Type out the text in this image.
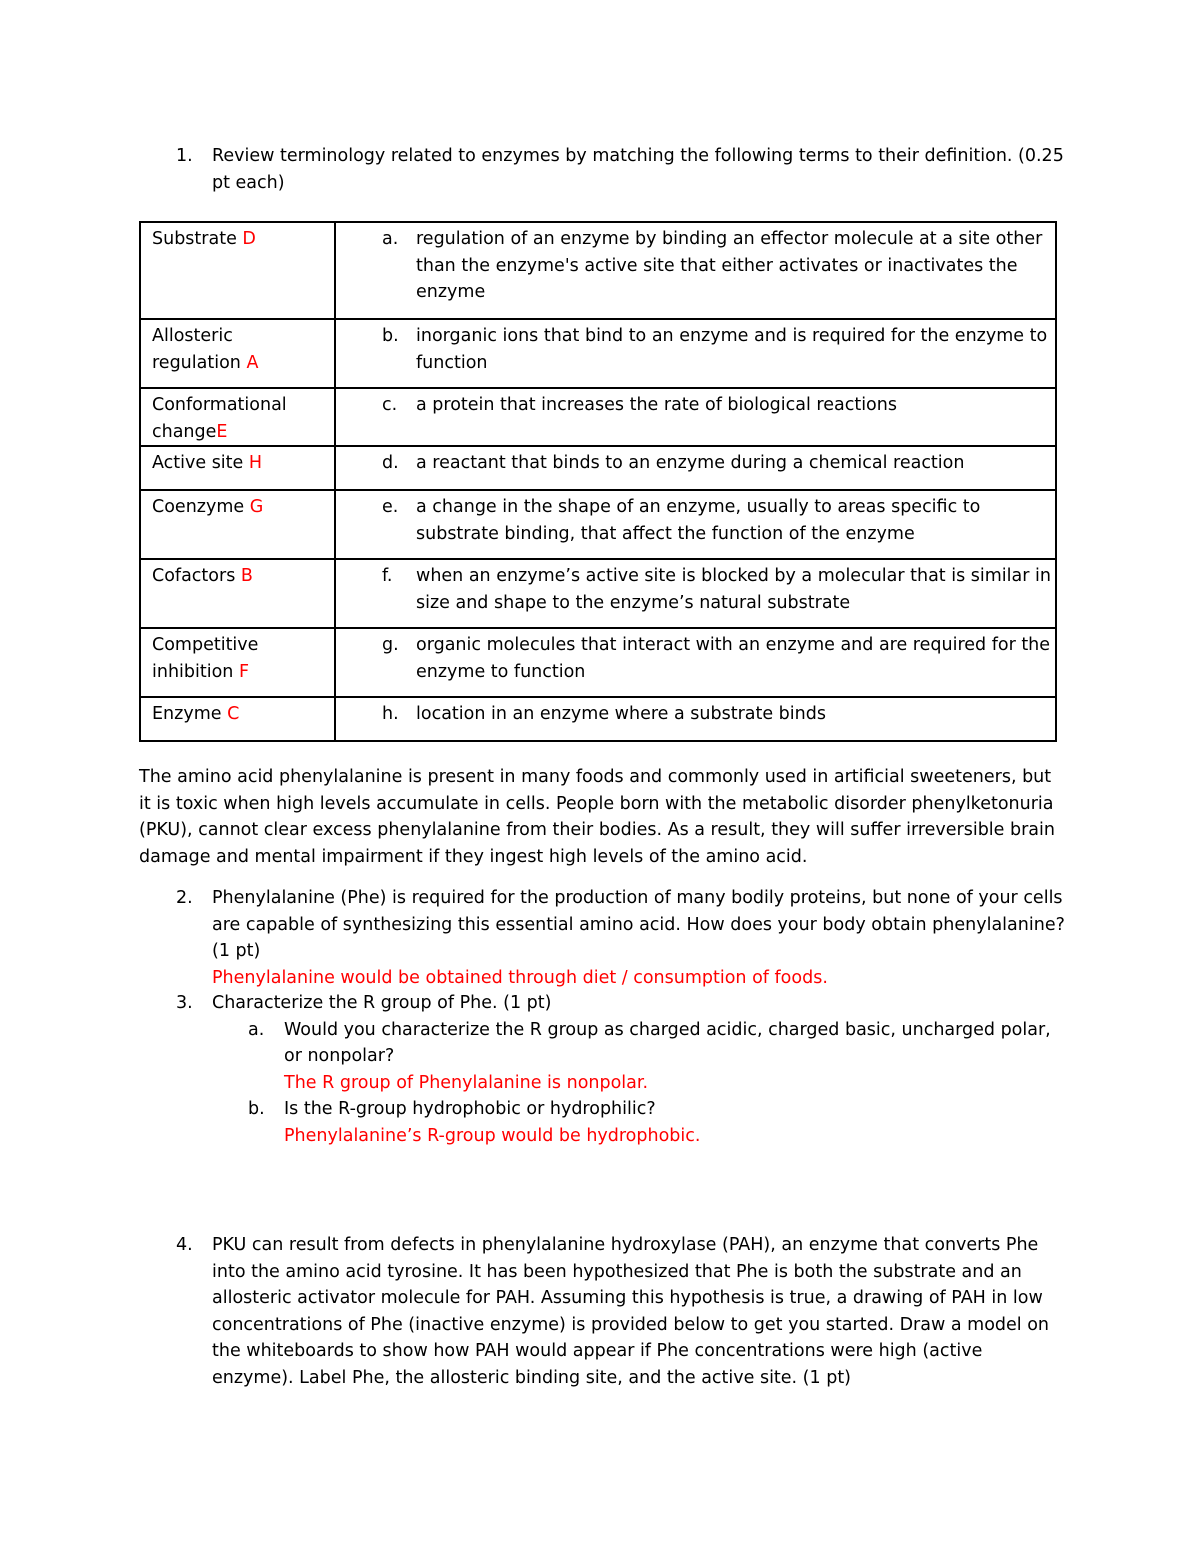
1. Review terminology related to enzymes by matching the following terms to their definition. (0.25 pt each)
Substrate D	a. regulation of an enzyme by binding an effector molecule at a site other than the enzyme's active site that either activates or inactivates the enzyme

Allosteric regulation A	b. inorganic ions that bind to an enzyme and is required for the enzyme to function

Conformational changeE	c. a protein that increases the rate of biological reactions

Active site H	d. a reactant that binds to an enzyme during a chemical reaction

Coenzyme G	e. a change in the shape of an enzyme, usually to areas specific to substrate binding, that affect the function of the enzyme

Cofactors B	f. when an enzyme’s active site is blocked by a molecular that is similar in size and shape to the enzyme’s natural substrate

Competitive inhibition F	g. organic molecules that interact with an enzyme and are required for the enzyme to function

Enzyme C	h. location in an enzyme where a substrate binds
The amino acid phenylalanine is present in many foods and commonly used in artificial sweeteners, but it is toxic when high levels accumulate in cells. People born with the metabolic disorder phenylketonuria (PKU), cannot clear excess phenylalanine from their bodies. As a result, they will suffer irreversible brain damage and mental impairment if they ingest high levels of the amino acid.
2. Phenylalanine (Phe) is required for the production of many bodily proteins, but none of your cells are capable of synthesizing this essential amino acid. How does your body obtain phenylalanine? (1 pt)
Phenylalanine would be obtained through diet / consumption of foods.
3. Characterize the R group of Phe. (1 pt)
a. Would you characterize the R group as charged acidic, charged basic, uncharged polar, or nonpolar?
The R group of Phenylalanine is nonpolar.
b. Is the R-group hydrophobic or hydrophilic?
Phenylalanine’s R-group would be hydrophobic.
4. PKU can result from defects in phenylalanine hydroxylase (PAH), an enzyme that converts Phe into the amino acid tyrosine. It has been hypothesized that Phe is both the substrate and an allosteric activator molecule for PAH. Assuming this hypothesis is true, a drawing of PAH in low concentrations of Phe (inactive enzyme) is provided below to get you started. Draw a model on the whiteboards to show how PAH would appear if Phe concentrations were high (active enzyme). Label Phe, the allosteric binding site, and the active site. (1 pt)
